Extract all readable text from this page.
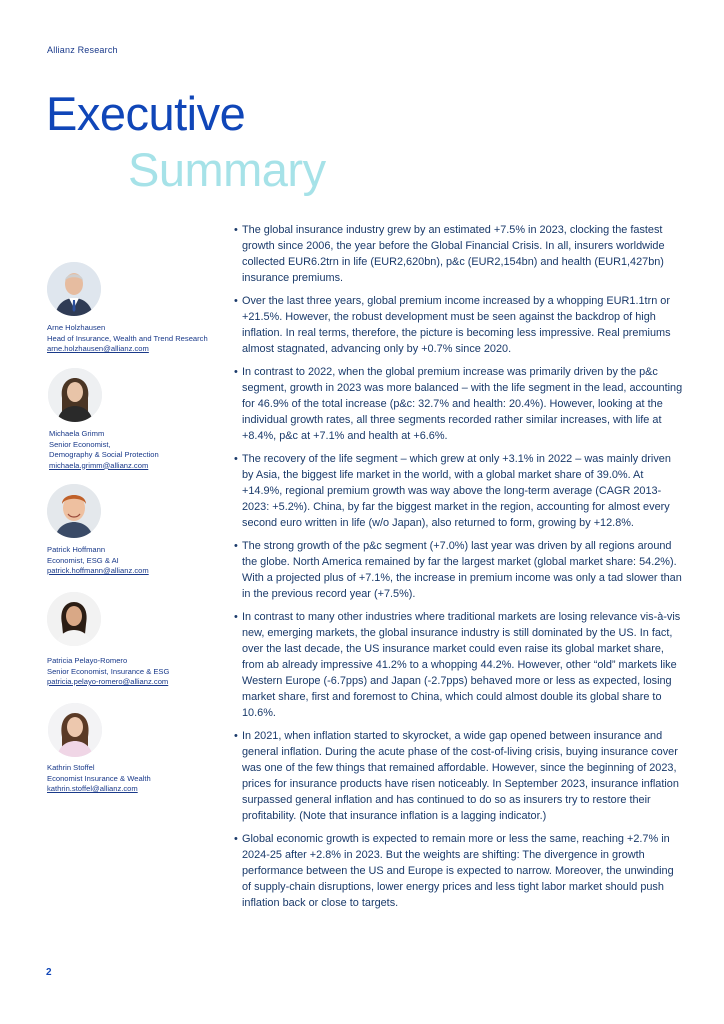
Allianz Research
Executive
Summary
Arne Holzhausen
Head of Insurance, Wealth and Trend Research
arne.holzhausen@allianz.com
Michaela Grimm
Senior Economist,
Demography & Social Protection
michaela.grimm@allianz.com
Patrick Hoffmann
Economist, ESG & AI
patrick.hoffmann@allianz.com
Patricia Pelayo-Romero
Senior Economist, Insurance & ESG
patricia.pelayo-romero@allianz.com
Kathrin Stoffel
Economist Insurance & Wealth
kathrin.stoffel@allianz.com
• The global insurance industry grew by an estimated +7.5% in 2023, clocking the fastest growth since 2006, the year before the Global Financial Crisis. In all, insurers worldwide collected EUR6.2trn in life (EUR2,620bn), p&c (EUR2,154bn) and health (EUR1,427bn) insurance premiums.
• Over the last three years, global premium income increased by a whopping EUR1.1trn or +21.5%. However, the robust development must be seen against the backdrop of high inflation. In real terms, therefore, the picture is becoming less impressive. Real premiums almost stagnated, advancing only by +0.7% since 2020.
• In contrast to 2022, when the global premium increase was primarily driven by the p&c segment, growth in 2023 was more balanced – with the life segment in the lead, accounting for 46.9% of the total increase (p&c: 32.7% and health: 20.4%). However, looking at the individual growth rates, all three segments recorded rather similar increases, with life at +8.4%, p&c at +7.1% and health at +6.6%.
• The recovery of the life segment – which grew at only +3.1% in 2022 – was mainly driven by Asia, the biggest life market in the world, with a global market share of 39.0%. At +14.9%, regional premium growth was way above the long-term average (CAGR 2013-2023: +5.2%). China, by far the biggest market in the region, accounting for almost every second euro written in life (w/o Japan), also returned to form, growing by +12.8%.
• The strong growth of the p&c segment (+7.0%) last year was driven by all regions around the globe. North America remained by far the largest market (global market share: 54.2%). With a projected plus of +7.1%, the increase in premium income was only a tad slower than in the previous record year (+7.5%).
• In contrast to many other industries where traditional markets are losing relevance vis-à-vis new, emerging markets, the global insurance industry is still dominated by the US. In fact, over the last decade, the US insurance market could even raise its global market share, from ab already impressive 41.2% to a whopping 44.2%. However, other “old” markets like Western Europe (-6.7pps) and Japan (-2.7pps) behaved more or less as expected, losing market share, first and foremost to China, which could almost double its global share to 10.6%.
• In 2021, when inflation started to skyrocket, a wide gap opened between insurance and general inflation. During the acute phase of the cost-of-living crisis, buying insurance cover was one of the few things that remained affordable. However, since the beginning of 2023, prices for insurance products have risen noticeably. In September 2023, insurance inflation surpassed general inflation and has continued to do so as insurers try to restore their profitability. (Note that insurance inflation is a lagging indicator.)
• Global economic growth is expected to remain more or less the same, reaching +2.7% in 2024-25 after +2.8% in 2023. But the weights are shifting: The divergence in growth performance between the US and Europe is expected to narrow. Moreover, the unwinding of supply-chain disruptions, lower energy prices and less tight labor market should push inflation back or close to targets.
2
